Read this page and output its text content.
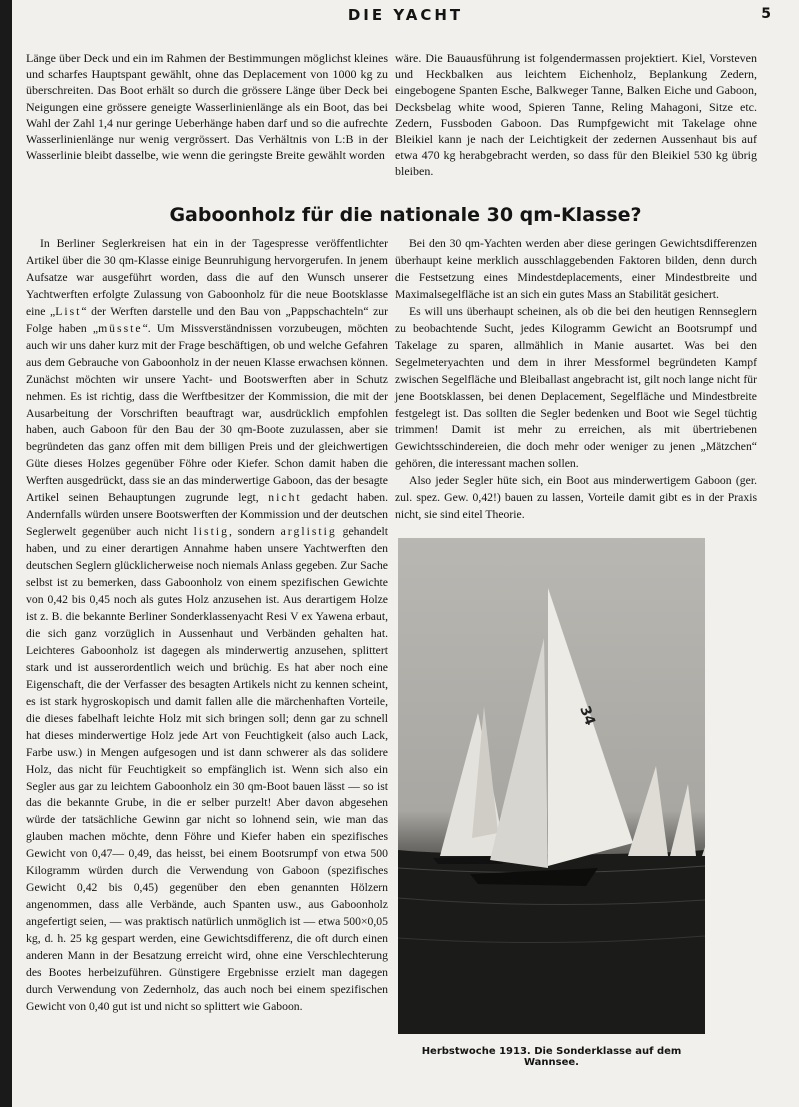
DIE YACHT	5

Länge über Deck und ein im Rahmen der Bestimmungen möglichst kleines und scharfes Hauptspant gewählt, ohne das Deplacement von 1000 kg zu überschreiten. Das Boot erhält so durch die grössere Länge über Deck bei Neigungen eine grössere geneigte Wasserlinienlänge als ein Boot, das bei Wahl der Zahl 1,4 nur geringe Ueberhänge haben darf und so die aufrechte Wasserlinienlänge nur wenig vergrössert. Das Verhältnis von L:B in der Wasserlinie bleibt dasselbe, wie wenn die geringste Breite gewählt worden

wäre. Die Bauausführung ist folgendermassen projektiert. Kiel, Vorsteven und Heckbalken aus leichtem Eichenholz, Beplankung Zedern, eingebogene Spanten Esche, Balkweger Tanne, Balken Eiche und Gaboon, Decksbelag white wood, Spieren Tanne, Reling Mahagoni, Sitze etc. Zedern, Fussboden Gaboon. Das Rumpfgewicht mit Takelage ohne Bleikiel kann je nach der Leichtigkeit der zedernen Aussenhaut bis auf etwa 470 kg herabgebracht werden, so dass für den Bleikiel 530 kg übrig bleiben.

Gaboonholz für die nationale 30 qm-Klasse?

In Berliner Seglerkreisen hat ein in der Tagespresse veröffentlichter Artikel über die 30 qm-Klasse einige Beunruhigung hervorgerufen. In jenem Aufsatze war ausgeführt worden, dass die auf den Wunsch unserer Yachtwerften erfolgte Zulassung von Gaboonholz für die neue Bootsklasse eine „List“ der Werften darstelle und den Bau von „Pappschachteln“ zur Folge haben „müsste“. Um Missverständnissen vorzubeugen, möchten auch wir uns daher kurz mit der Frage beschäftigen, ob und welche Gefahren aus dem Gebrauche von Gaboonholz in der neuen Klasse erwachsen können. Zunächst möchten wir unsere Yacht- und Bootswerften aber in Schutz nehmen. Es ist richtig, dass die Werftbesitzer der Kommission, die mit der Ausarbeitung der Vorschriften beauftragt war, ausdrücklich empfohlen haben, auch Gaboon für den Bau der 30 qm-Boote zuzulassen, aber sie begründeten das ganz offen mit dem billigen Preis und der gleichwertigen Güte dieses Holzes gegenüber Föhre oder Kiefer. Schon damit haben die Werften ausgedrückt, dass sie an das minderwertige Gaboon, das der besagte Artikel seinen Behauptungen zugrunde legt, nicht gedacht haben. Andernfalls würden unsere Bootswerften der Kommission und der deutschen Seglerwelt gegenüber auch nicht listig, sondern arglistig gehandelt haben, und zu einer derartigen Annahme haben unsere Yachtwerften den deutschen Seglern glücklicherweise noch niemals Anlass gegeben. Zur Sache selbst ist zu bemerken, dass Gaboonholz von einem spezifischen Gewichte von 0,42 bis 0,45 noch als gutes Holz anzusehen ist. Aus derartigem Holze ist z. B. die bekannte Berliner Sonderklassenyacht Resi V ex Yawena erbaut, die sich ganz vorzüglich in Aussenhaut und Verbänden gehalten hat. Leichteres Gaboonholz ist dagegen als minderwertig anzusehen, splittert stark und ist ausserordentlich weich und brüchig. Es hat aber noch eine Eigenschaft, die der Verfasser des besagten Artikels nicht zu kennen scheint, es ist stark hygroskopisch und damit fallen alle die märchenhaften Vorteile, die dieses fabelhaft leichte Holz mit sich bringen soll; denn gar zu schnell hat dieses minderwertige Holz jede Art von Feuchtigkeit (also auch Lack, Farbe usw.) in Mengen aufgesogen und ist dann schwerer als das solidere Holz, das nicht für Feuchtigkeit so empfänglich ist. Wenn sich also ein Segler aus gar zu leichtem Gaboonholz ein 30 qm-Boot bauen lässt — so ist das die bekannte Grube, in die er selber purzelt! Aber davon abgesehen würde der tatsächliche Gewinn gar nicht so lohnend sein, wie man das glauben machen möchte, denn Föhre und Kiefer haben ein spezifisches Gewicht von 0,47— 0,49, das heisst, bei einem Bootsrumpf von etwa 500 Kilogramm würden durch die Verwendung von Gaboon (spezifisches Gewicht 0,42 bis 0,45) gegenüber den eben genannten Hölzern angenommen, dass alle Verbände, auch Spanten usw., aus Gaboonholz angefertigt seien, — was praktisch natürlich unmöglich ist — etwa 500×0,05 kg, d. h. 25 kg gespart werden, eine Gewichtsdifferenz, die oft durch einen anderen Mann in der Besatzung erreicht wird, ohne eine Verschlechterung des Bootes herbeizuführen. Günstigere Ergebnisse erzielt man dagegen durch Verwendung von Zedernholz, das auch noch bei einem spezifischen Gewicht von 0,40 gut ist und nicht so splittert wie Gaboon.

Bei den 30 qm-Yachten werden aber diese geringen Gewichtsdifferenzen überhaupt keine merklich ausschlaggebenden Faktoren bilden, denn durch die Festsetzung eines Mindestdeplacements, einer Mindestbreite und Maximalsegelfläche ist an sich ein gutes Mass an Stabilität gesichert.

Es will uns überhaupt scheinen, als ob die bei den heutigen Rennseglern zu beobachtende Sucht, jedes Kilogramm Gewicht an Bootsrumpf und Takelage zu sparen, allmählich in Manie ausartet. Was bei den Segelmeteryachten und dem in ihrer Messformel begründeten Kampf zwischen Segelfläche und Bleiballast angebracht ist, gilt noch lange nicht für jene Bootsklassen, bei denen Deplacement, Segelfläche und Mindestbreite festgelegt ist. Das sollten die Segler bedenken und Boot wie Segel tüchtig trimmen! Damit ist mehr zu erreichen, als mit übertriebenen Gewichtsschindereien, die doch mehr oder weniger zu jenen „Mätzchen“ gehören, die interessant machen sollen.

Also jeder Segler hüte sich, ein Boot aus minderwertigem Gaboon (ger. zul. spez. Gew. 0,42!) bauen zu lassen, Vorteile damit gibt es in der Praxis nicht, sie sind eitel Theorie.

34
Herbstwoche 1913. Die Sonderklasse auf dem Wannsee.
